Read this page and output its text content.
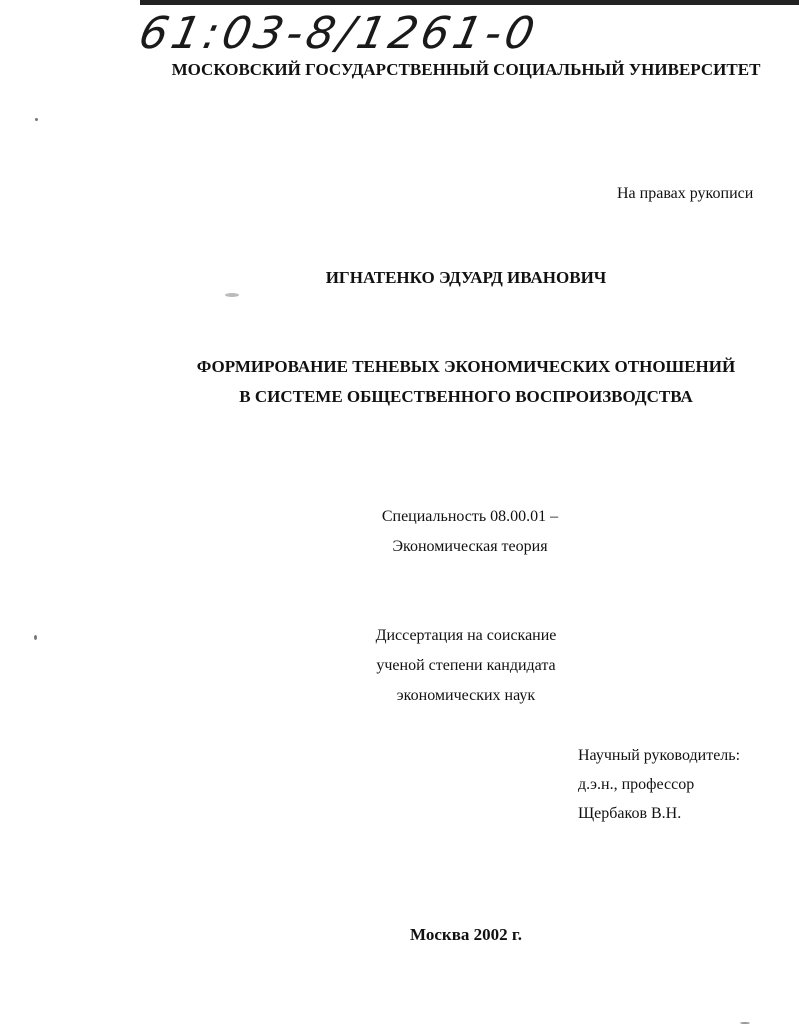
61:03-8/1261-0
МОСКОВСКИЙ ГОСУДАРСТВЕННЫЙ СОЦИАЛЬНЫЙ УНИВЕРСИТЕТ
На правах рукописи
ИГНАТЕНКО ЭДУАРД ИВАНОВИЧ
ФОРМИРОВАНИЕ ТЕНЕВЫХ ЭКОНОМИЧЕСКИХ ОТНОШЕНИЙ
В СИСТЕМЕ ОБЩЕСТВЕННОГО ВОСПРОИЗВОДСТВА
Специальность 08.00.01 –
Экономическая теория
Диссертация на соискание
ученой степени кандидата
экономических наук
Научный руководитель:
д.э.н., профессор
Щербаков В.Н.
Москва 2002 г.
